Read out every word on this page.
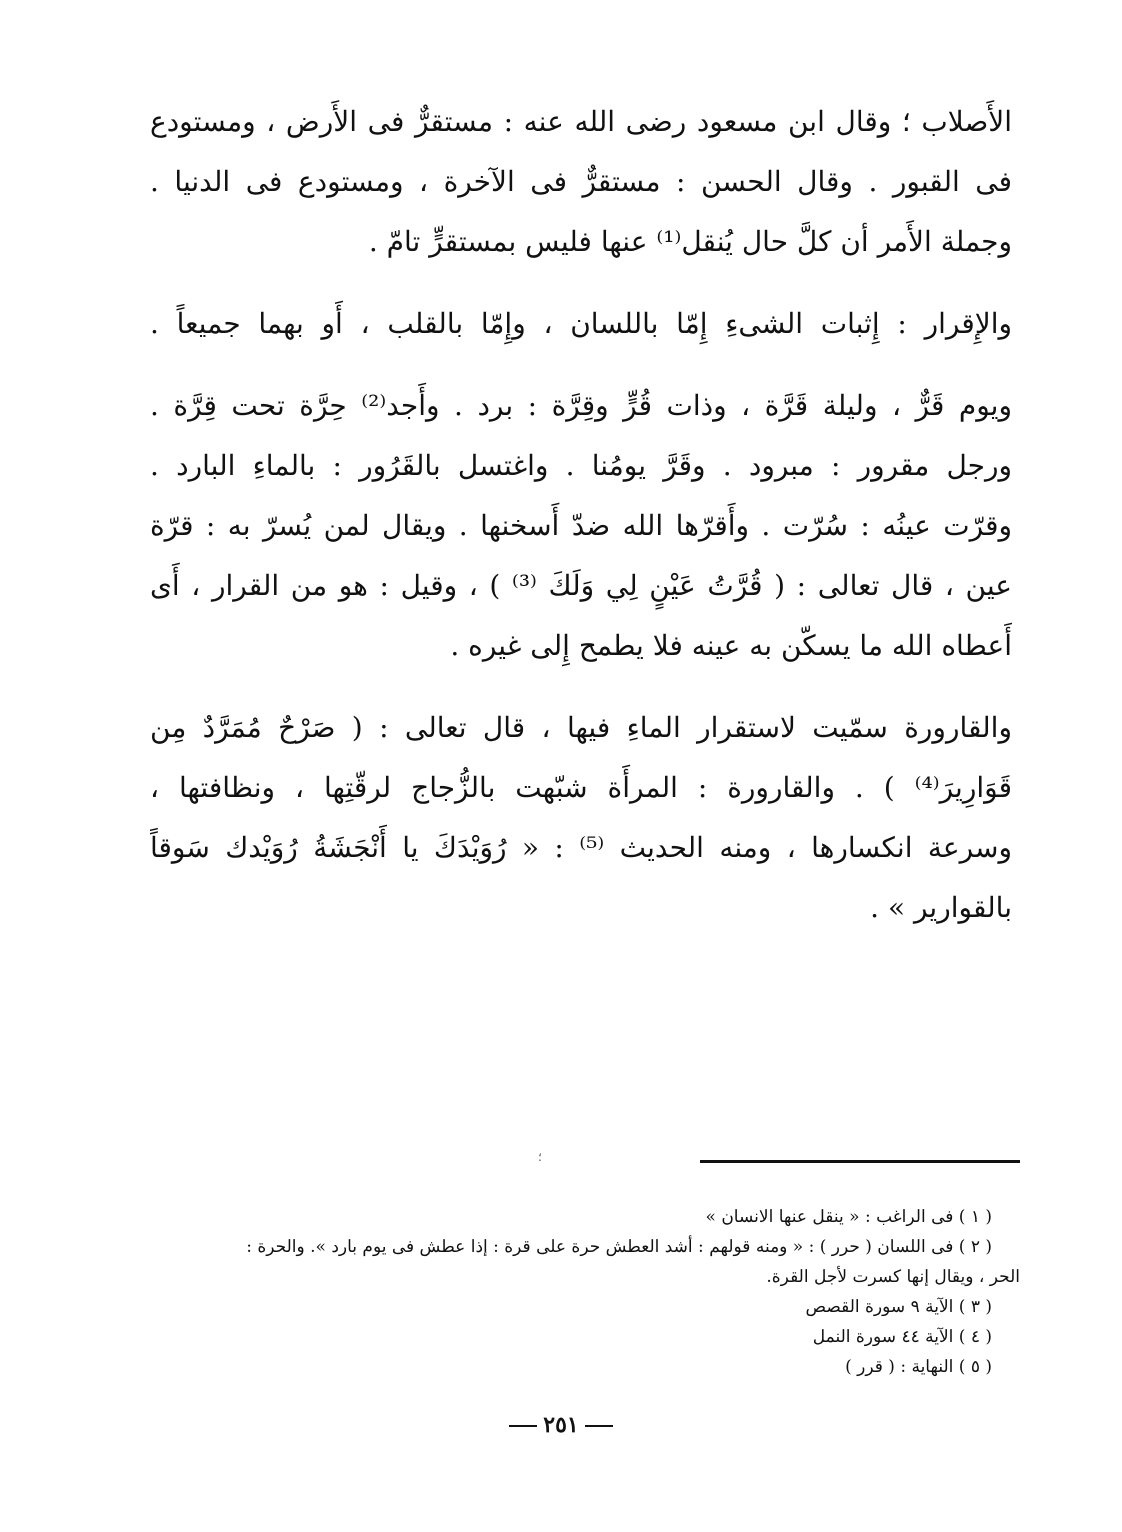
الأَصلاب ؛ وقال ابن مسعود رضى الله عنه : مستقرٌّ فى الأَرض ، ومستودع
فى القبور . وقال الحسن : مستقرٌّ فى الآخرة ، ومستودع فى الدنيا .
وجملة الأَمر أن كلَّ حال يُنقل⁽¹⁾ عنها فليس بمستقرٍّ تامّ .
والإِقرار : إِثبات الشىءِ إِمّا باللسان ، وإِمّا بالقلب ، أَو بهما جميعاً .
ويوم قَرٌّ ، وليلة قَرَّة ، وذات قُرٍّ وقِرَّة : برد . وأَجد⁽²⁾ حِرَّة تحت قِرَّة .
ورجل مقرور : مبرود . وقَرَّ يومُنا . واغتسل بالقَرُور : بالماءِ البارد .
وقرّت عينُه : سُرّت . وأَقرّها الله ضدّ أَسخنها . ويقال لمن يُسرّ به : قرّة
عين ، قال تعالى : ( قُرَّتُ عَيْنٍ لِي وَلَكَ ⁽³⁾ ) ، وقيل : هو من القرار ، أَى
أَعطاه الله ما يسكّن به عينه فلا يطمح إِلى غيره .
والقارورة سمّيت لاستقرار الماءِ فيها ، قال تعالى : ( صَرْحٌ مُمَرَّدٌ مِن
قَوَارِيرَ⁽⁴⁾ ) . والقارورة : المرأَة شبّهت بالزُّجاج لرقّتِها ، ونظافتها ،
وسرعة انكسارها ، ومنه الحديث ⁽⁵⁾ : « رُوَيْدَكَ يا أَنْجَشَةُ رُوَيْدك سَوقاً
بالقوارير » .
؛
( ١ ) فى الراغب : « ينقل عنها الانسان »
( ٢ ) فى اللسان ( حرر ) : « ومنه قولهم : أشد العطش حرة على قرة : إذا عطش فى يوم بارد ». والحرة :
الحر ، ويقال إنها كسرت لأجل القرة.
( ٣ ) الآية ٩ سورة القصص
( ٤ ) الآية ٤٤ سورة النمل
( ٥ ) النهاية : ( قرر )
٢٥١
